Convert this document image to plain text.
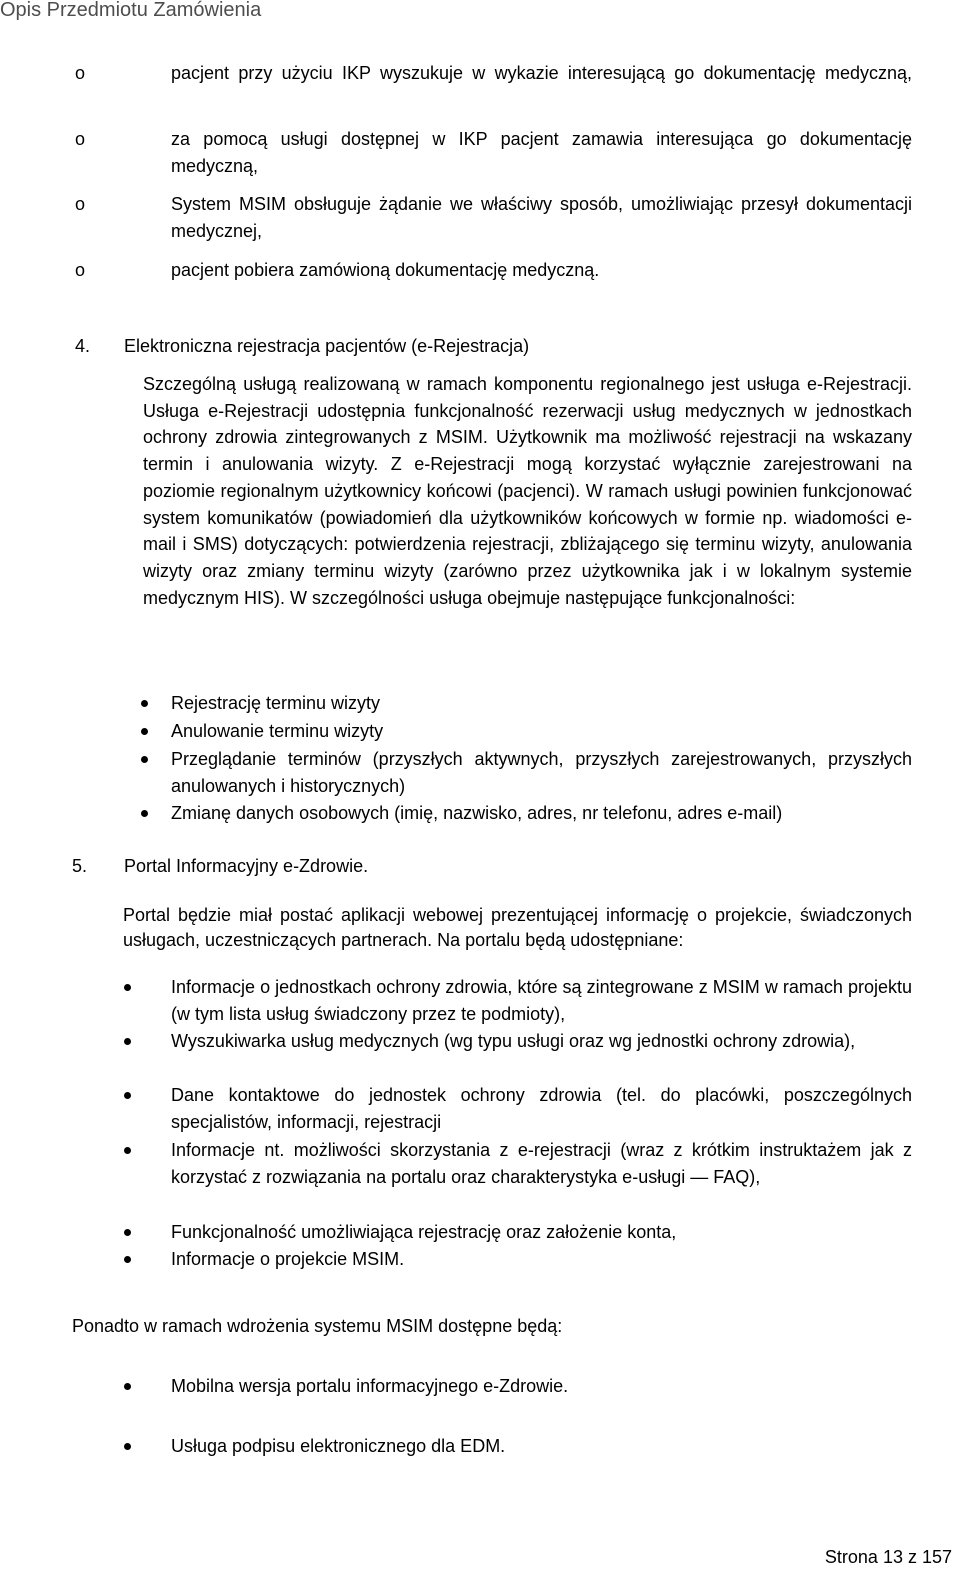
Opis Przedmiotu Zamówienia
o	pacjent przy użyciu IKP wyszukuje w wykazie interesującą go dokumentację medyczną,
o	za pomocą usługi dostępnej w IKP pacjent zamawia interesująca go dokumentację medyczną,
o	System MSIM obsługuje żądanie we właściwy sposób, umożliwiając przesył dokumentacji medycznej,
o	pacjent pobiera zamówioną dokumentację medyczną.
4. Elektroniczna rejestracja pacjentów (e-Rejestracja)
Szczególną usługą realizowaną w ramach komponentu regionalnego jest usługa e-Rejestracji. Usługa e-Rejestracji udostępnia funkcjonalność rezerwacji usług medycznych w jednostkach ochrony zdrowia zintegrowanych z MSIM. Użytkownik ma możliwość rejestracji na wskazany termin i anulowania wizyty. Z e-Rejestracji mogą korzystać wyłącznie zarejestrowani na poziomie regionalnym użytkownicy końcowi (pacjenci). W ramach usługi powinien funkcjonować system komunikatów (powiadomień dla użytkowników końcowych w formie np. wiadomości e-mail i SMS) dotyczących: potwierdzenia rejestracji, zbliżającego się terminu wizyty, anulowania wizyty oraz zmiany terminu wizyty (zarówno przez użytkownika jak i w lokalnym systemie medycznym HIS). W szczególności usługa obejmuje następujące funkcjonalności:
Rejestrację terminu wizyty
Anulowanie terminu wizyty
Przeglądanie terminów (przyszłych aktywnych, przyszłych zarejestrowanych, przyszłych anulowanych i historycznych)
Zmianę danych osobowych (imię, nazwisko, adres, nr telefonu, adres e-mail)
5. Portal Informacyjny e-Zdrowie.
Portal będzie miał postać aplikacji webowej prezentującej informację o projekcie, świadczonych usługach, uczestniczących partnerach. Na portalu będą udostępniane:
Informacje o jednostkach ochrony zdrowia, które są zintegrowane z MSIM w ramach projektu (w tym lista usług świadczony przez te podmioty),
Wyszukiwarka usług medycznych (wg typu usługi oraz wg jednostki ochrony zdrowia),
Dane kontaktowe do jednostek ochrony zdrowia (tel. do placówki, poszczególnych specjalistów, informacji, rejestracji
Informacje nt. możliwości skorzystania z e-rejestracji (wraz z krótkim instruktażem jak z korzystać z rozwiązania na portalu oraz charakterystyka e-usługi — FAQ),
Funkcjonalność umożliwiająca rejestrację oraz założenie konta,
Informacje o projekcie MSIM.
Ponadto w ramach wdrożenia systemu MSIM dostępne będą:
Mobilna wersja portalu informacyjnego e-Zdrowie.
Usługa podpisu elektronicznego dla EDM.
Strona 13 z 157
